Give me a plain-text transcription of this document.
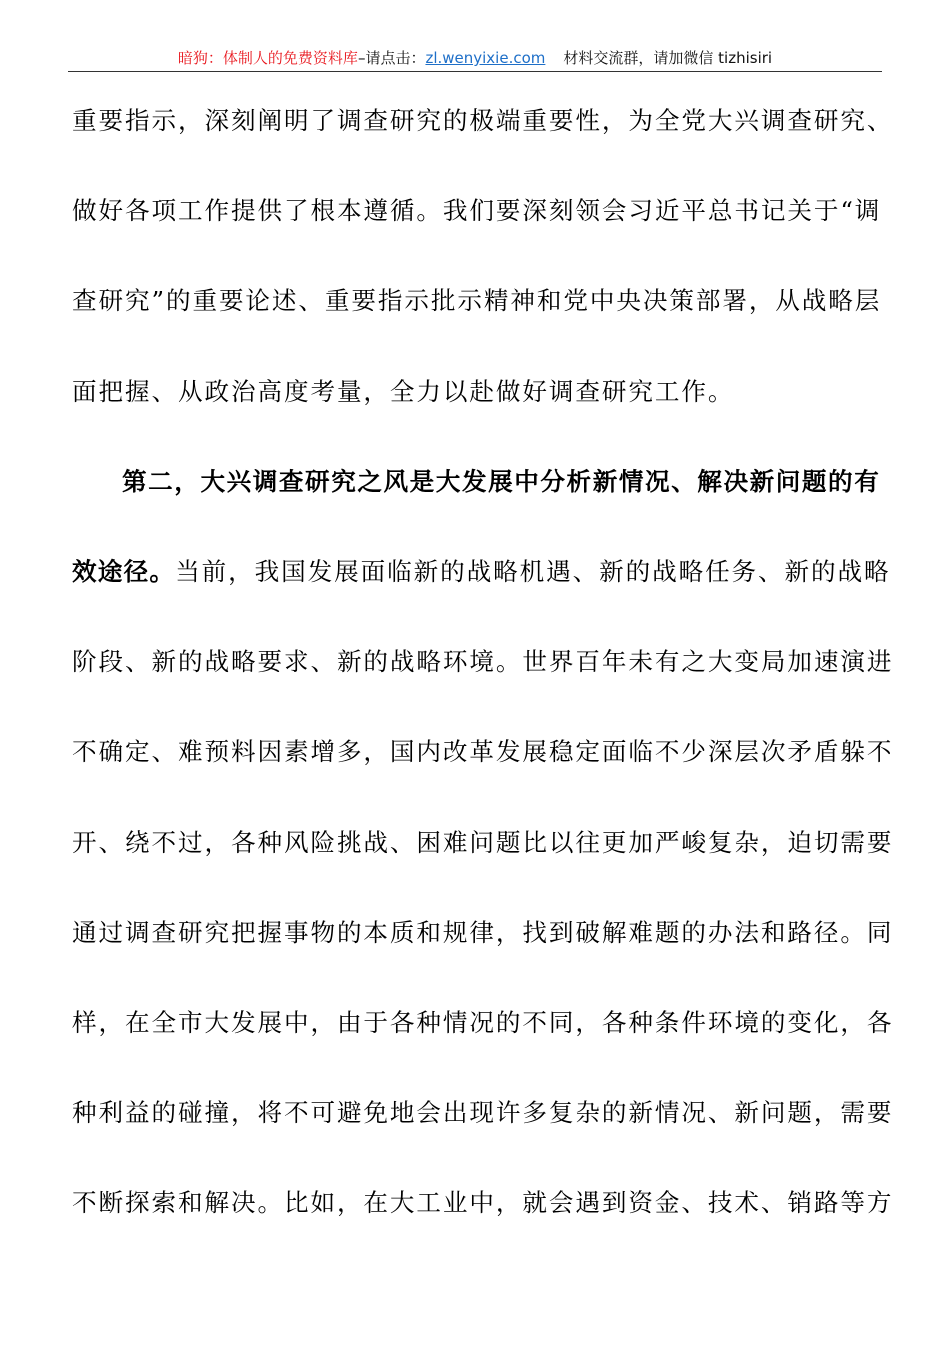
暗狗：体制人的免费资料库–请点击：zl.wenyixie.com 材料交流群，请加微信 tizhisiri
重要指示，深刻阐明了调查研究的极端重要性，为全党大兴调查研究、
做好各项工作提供了根本遵循。我们要深刻领会习近平总书记关于“调
查研究”的重要论述、重要指示批示精神和党中央决策部署，从战略层
面把握、从政治高度考量，全力以赴做好调查研究工作。
第二，大兴调查研究之风是大发展中分析新情况、解决新问题的有
效途径。当前，我国发展面临新的战略机遇、新的战略任务、新的战略
阶段、新的战略要求、新的战略环境。世界百年未有之大变局加速演进
不确定、难预料因素增多，国内改革发展稳定面临不少深层次矛盾躲不
开、绕不过，各种风险挑战、困难问题比以往更加严峻复杂，迫切需要
通过调查研究把握事物的本质和规律，找到破解难题的办法和路径。同
样，在全市大发展中，由于各种情况的不同，各种条件环境的变化，各
种利益的碰撞，将不可避免地会出现许多复杂的新情况、新问题，需要
不断探索和解决。比如，在大工业中，就会遇到资金、技术、销路等方
